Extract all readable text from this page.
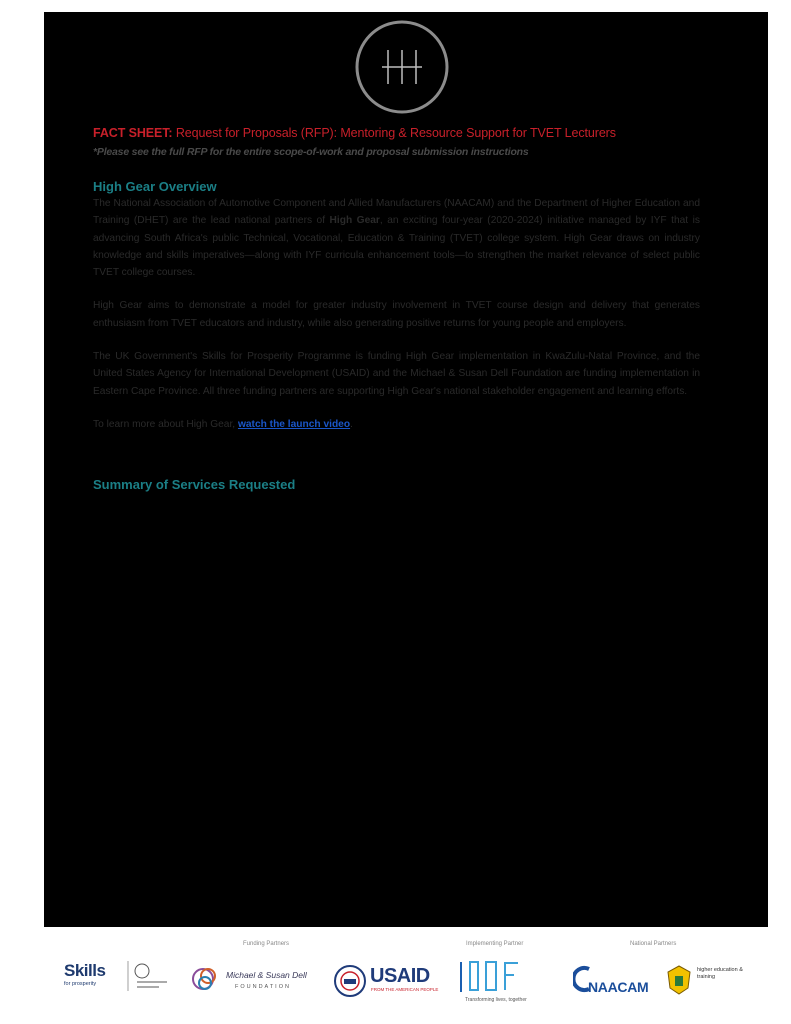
FACT SHEET: Request for Proposals (RFP): Mentoring & Resource Support for TVET Lecturers

*Please see the full RFP for the entire scope-of-work and proposal submission instructions

High Gear Overview

The National Association of Automotive Component and Allied Manufacturers (NAACAM) and the Department of Higher Education and Training (DHET) are the lead national partners of High Gear, an exciting four-year (2020-2024) initiative managed by IYF that is advancing South Africa's public Technical, Vocational, Education & Training (TVET) college system. High Gear draws on industry knowledge and skills imperatives—along with IYF curricula enhancement tools—to strengthen the market relevance of select public TVET college courses.

High Gear aims to demonstrate a model for greater industry involvement in TVET course design and delivery that generates enthusiasm from TVET educators and industry, while also generating positive returns for young people and employers.

The UK Government's Skills for Prosperity Programme is funding High Gear implementation in KwaZulu-Natal Province, and the United States Agency for International Development (USAID) and the Michael & Susan Dell Foundation are funding implementation in Eastern Cape Province. All three funding partners are supporting High Gear's national stakeholder engagement and learning efforts.

To learn more about High Gear, watch the launch video.

Summary of Services Requested
Funding Partners	Implementing Partner	National Partners
Skills
for prosperity
Michael & Susan Dell
FOUNDATION	USAID
FROM THE AMERICAN PEOPLE
Transforming lives, together
NAACAM
higher education & training
